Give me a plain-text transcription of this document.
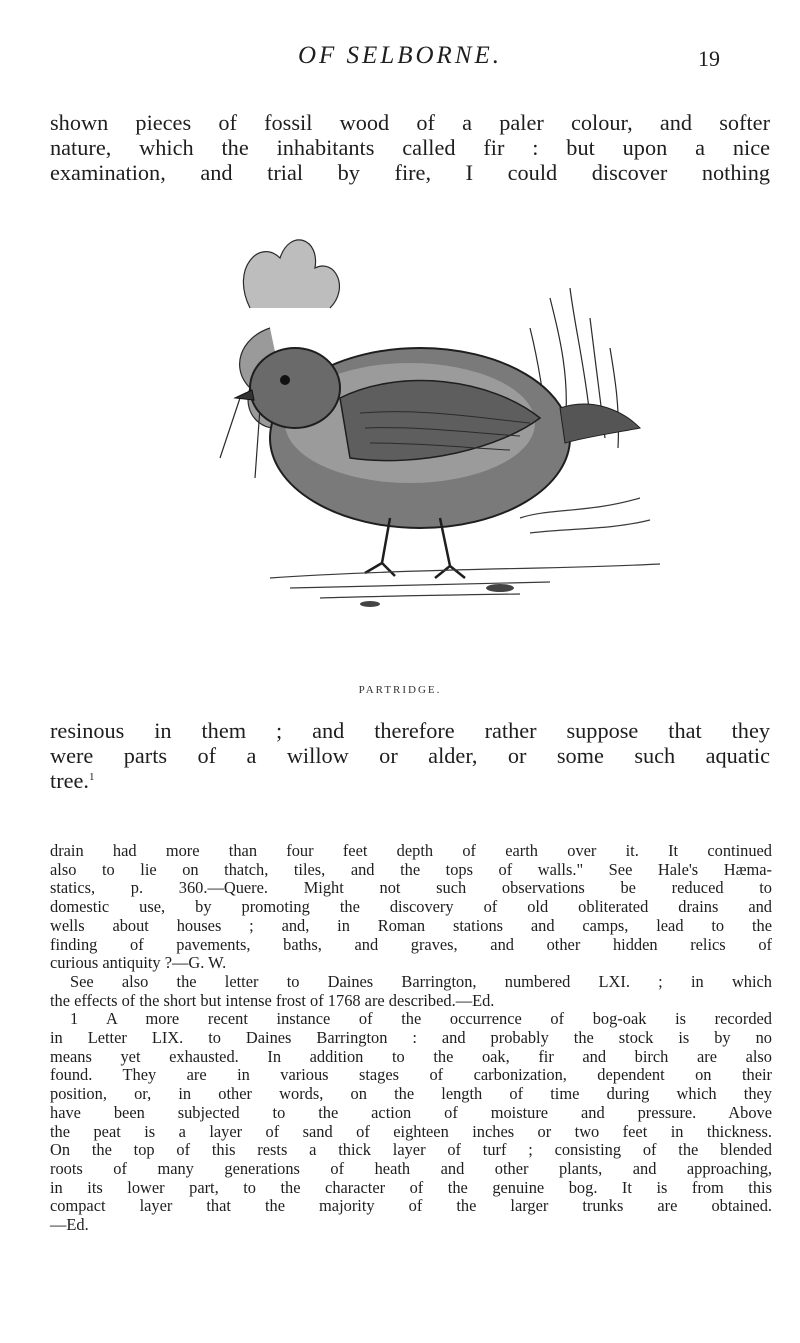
OF SELBORNE.	19
shown pieces of fossil wood of a paler colour, and softer
nature, which the inhabitants called fir : but upon a nice
examination, and trial by fire, I could discover nothing
PARTRIDGE.
resinous in them ; and therefore rather suppose that they
were parts of a willow or alder, or some such aquatic
tree.$^1$
drain had more than four feet depth of earth over it. It continued
also to lie on thatch, tiles, and the tops of walls." See Hale's Hæma-
statics, p. 360.—Quere. Might not such observations be reduced to
domestic use, by promoting the discovery of old obliterated drains and
wells about houses ; and, in Roman stations and camps, lead to the
finding of pavements, baths, and graves, and other hidden relics of
curious antiquity ?—G. W.
See also the letter to Daines Barrington, numbered LXI. ; in which
the effects of the short but intense frost of 1768 are described.—Ed.
1 A more recent instance of the occurrence of bog-oak is recorded
in Letter LIX. to Daines Barrington : and probably the stock is by no
means yet exhausted. In addition to the oak, fir and birch are also
found. They are in various stages of carbonization, dependent on their
position, or, in other words, on the length of time during which they
have been subjected to the action of moisture and pressure. Above
the peat is a layer of sand of eighteen inches or two feet in thickness.
On the top of this rests a thick layer of turf ; consisting of the blended
roots of many generations of heath and other plants, and approaching,
in its lower part, to the character of the genuine bog. It is from this
compact layer that the majority of the larger trunks are obtained.
—Ed.
